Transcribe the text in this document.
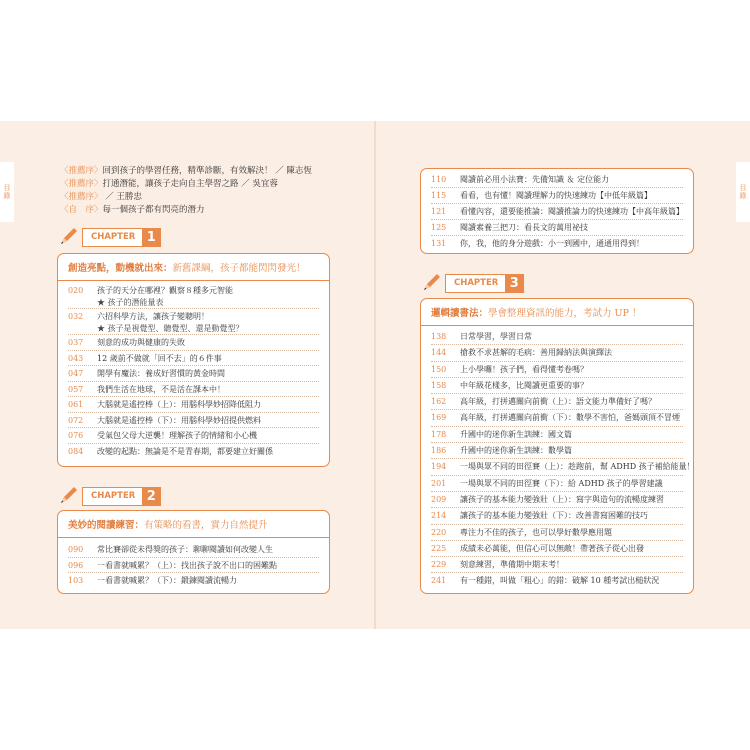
目錄	目錄
〈推薦序〉回到孩子的學習任務，精準診斷，有效解決！ ／ 陳志恆
〈推薦序〉打通潛能，讓孩子走向自主學習之路 ／ 吳宜蓉
〈推薦序〉 ／ 王勝忠
〈自　序〉每一個孩子都有閃亮的潛力
CHAPTER 1
創造亮點，動機就出來： 新舊課綱，孩子都能閃閃發光！
020	孩子的天分在哪裡？觀察８種多元智能
★ 孩子的潛能量表
032	六招科學方法，讓孩子變聰明！
★ 孩子是視覺型、聽覺型、還是動覺型？
037	刻意的成功與健康的失敗
043	12 歲前不做就「回不去」的６件事
047	開學有魔法：養成好習慣的黃金時間
057	我們生活在地球，不是活在課本中！
061	大腦就是遙控棒（上）：用腦科學妙招降低阻力
072	大腦就是遙控棒（下）：用腦科學妙招提供燃料
076	受氣包父母大逆襲！理解孩子的情緒和小心機
084	改變的起點：無論是不是青春期，都要建立好關係
CHAPTER 2
美妙的閱讀練習： 有策略的看書，實力自然提升
090	常比賽卻從未得獎的孩子：聊聊閱讀如何改變人生
096	一看書就喊累？（上）：找出孩子說不出口的困難點
103	一看書就喊累？（下）：鍛鍊閱讀流暢力
110	閱讀前必用小法寶：先備知識 ＆ 定位能力
115	看看，也有懂！閱讀理解力的快速練功【中低年級篇】
121	看懂內容，還要能推論：閱讀推論力的快速練功【中高年級篇】
125	閱讀素養三把刀：看長文的萬用祕技
131	你，我，他的身分遊戲：小一到國中，通通用得到！
CHAPTER 3
邏輯讀書法： 學會整理資訊的能力，考試力 UP ！
138	日常學習，學習日常
144	搶救不求甚解的毛病：善用歸納法與演繹法
150	上小學囉！孩子們，看得懂考卷嗎？
158	中年級花樣多，比閱讀更重要的事？
162	高年級，打拼邁關向前衝（上）：語文能力準備好了嗎？
169	高年級，打拼邁關向前衝（下）：數學不害怕，爸媽頭頂不冒煙
178	升國中的迷你新生訓練：國文篇
186	升國中的迷你新生訓練：數學篇
194	一場與眾不同的田徑賽（上）：趁跑前，幫 ADHD 孩子補給能量！
201	一場與眾不同的田徑賽（下）：給 ADHD 孩子的學習建議
209	讓孩子的基本能力變強壯（上）：寫字與造句的流暢度練習
214	讓孩子的基本能力變強壯（下）：改善書寫困難的技巧
220	專注力不佳的孩子，也可以學好數學應用題
225	成績未必萬能，但信心可以無敵！帶著孩子從心出發
229	刻意練習，準備期中期末考！
241	有一種錯，叫做「粗心」的錯：破解 10 種考試出槌狀況
